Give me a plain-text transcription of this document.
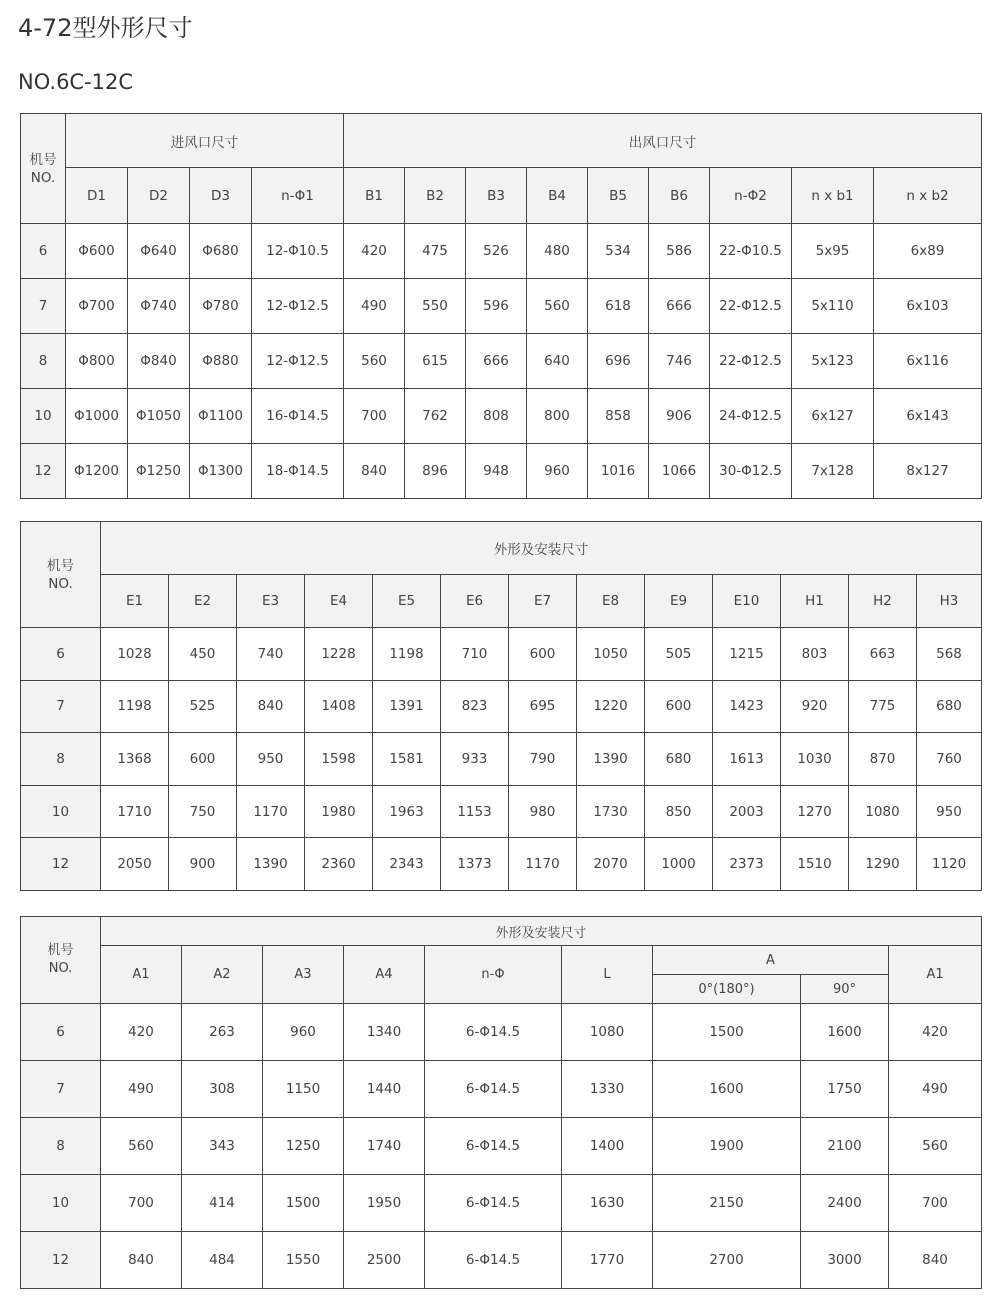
4-72型外形尺寸
NO.6C-12C
机号
NO.	进风口尺寸				出风口尺寸								
	D1	D2	D3	n-Φ1	B1	B2	B3	B4	B5	B6	n-Φ2	n x b1	n x b2
6	Φ600	Φ640	Φ680	12-Φ10.5	420	475	526	480	534	586	22-Φ10.5	5x95	6x89
7	Φ700	Φ740	Φ780	12-Φ12.5	490	550	596	560	618	666	22-Φ12.5	5x110	6x103
8	Φ800	Φ840	Φ880	12-Φ12.5	560	615	666	640	696	746	22-Φ12.5	5x123	6x116
10	Φ1000	Φ1050	Φ1100	16-Φ14.5	700	762	808	800	858	906	24-Φ12.5	6x127	6x143
12	Φ1200	Φ1250	Φ1300	18-Φ14.5	840	896	948	960	1016	1066	30-Φ12.5	7x128	8x127
机号
NO.	外形及安装尺寸												
	E1	E2	E3	E4	E5	E6	E7	E8	E9	E10	H1	H2	H3
6	1028	450	740	1228	1198	710	600	1050	505	1215	803	663	568
7	1198	525	840	1408	1391	823	695	1220	600	1423	920	775	680
8	1368	600	950	1598	1581	933	790	1390	680	1613	1030	870	760
10	1710	750	1170	1980	1963	1153	980	1730	850	2003	1270	1080	950
12	2050	900	1390	2360	2343	1373	1170	2070	1000	2373	1510	1290	1120
机号
NO.	外形及安装尺寸								
	A1	A2	A3	A4	n-Φ	L	A		A1
							0°(180°)	90°	
6	420	263	960	1340	6-Φ14.5	1080	1500	1600	420
7	490	308	1150	1440	6-Φ14.5	1330	1600	1750	490
8	560	343	1250	1740	6-Φ14.5	1400	1900	2100	560
10	700	414	1500	1950	6-Φ14.5	1630	2150	2400	700
12	840	484	1550	2500	6-Φ14.5	1770	2700	3000	840
